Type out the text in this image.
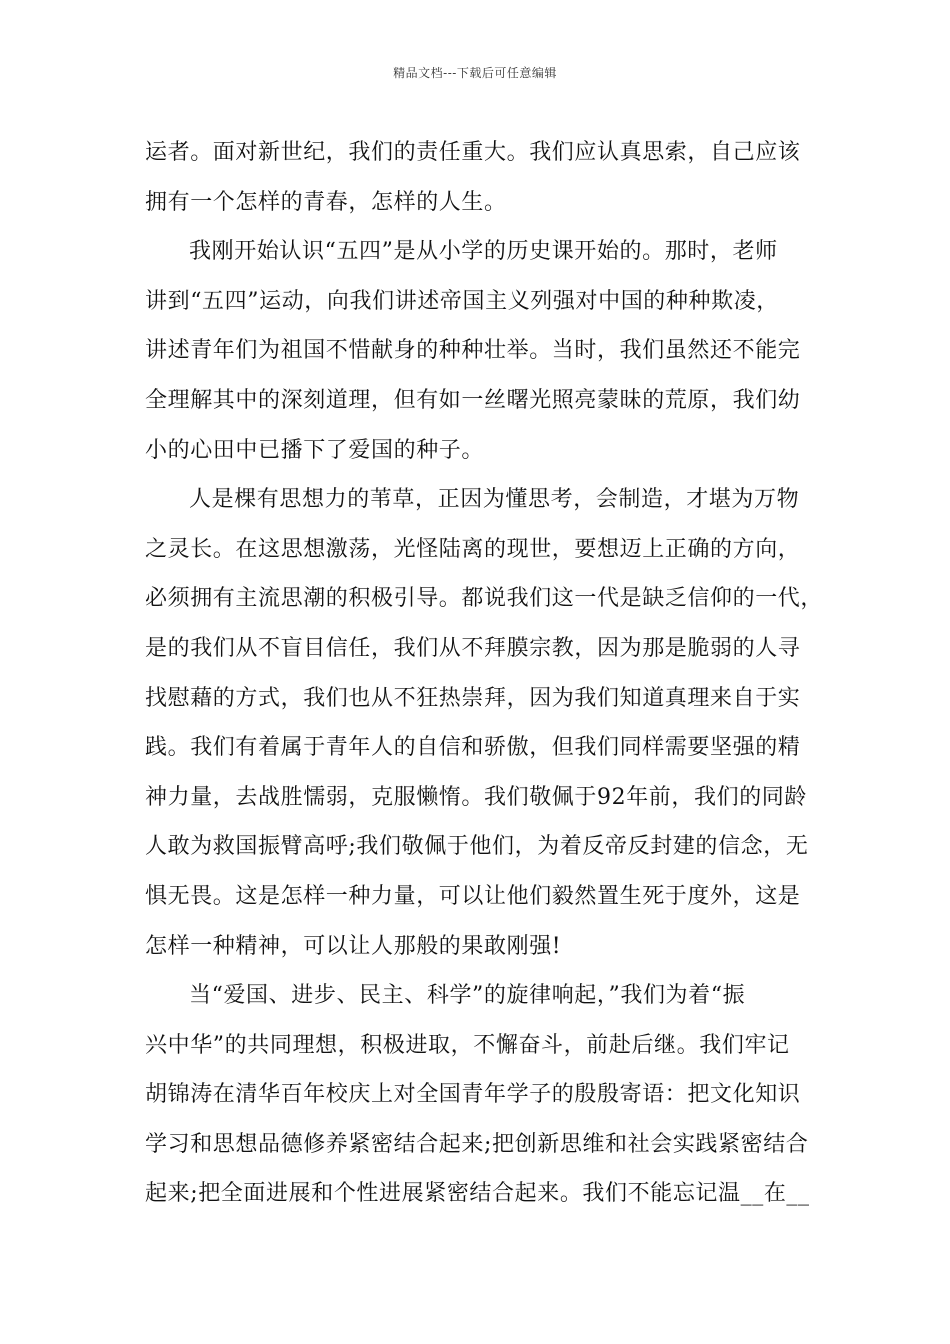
精品文档---下载后可任意编辑
运者。面对新世纪，我们的责任重大。我们应认真思索，自己应该
拥有一个怎样的青春，怎样的人生。
我刚开始认识“五四”是从小学的历史课开始的。那时，老师
讲到“五四”运动，向我们讲述帝国主义列强对中国的种种欺凌，
讲述青年们为祖国不惜献身的种种壮举。当时，我们虽然还不能完
全理解其中的深刻道理，但有如一丝曙光照亮蒙昧的荒原，我们幼
小的心田中已播下了爱国的种子。
人是棵有思想力的苇草，正因为懂思考，会制造，才堪为万物
之灵长。在这思想激荡，光怪陆离的现世，要想迈上正确的方向，
必须拥有主流思潮的积极引导。都说我们这一代是缺乏信仰的一代，
是的我们从不盲目信任，我们从不拜膜宗教，因为那是脆弱的人寻
找慰藉的方式，我们也从不狂热崇拜，因为我们知道真理来自于实
践。我们有着属于青年人的自信和骄傲，但我们同样需要坚强的精
神力量，去战胜懦弱，克服懒惰。我们敬佩于92年前，我们的同龄
人敢为救国振臂高呼;我们敬佩于他们，为着反帝反封建的信念，无
惧无畏。这是怎样一种力量，可以让他们毅然置生死于度外，这是
怎样一种精神，可以让人那般的果敢刚强!
当“爱国、进步、民主、科学”的旋律响起，”我们为着“振
兴中华”的共同理想，积极进取，不懈奋斗，前赴后继。我们牢记
胡锦涛在清华百年校庆上对全国青年学子的殷殷寄语：把文化知识
学习和思想品德修养紧密结合起来;把创新思维和社会实践紧密结合
起来;把全面进展和个性进展紧密结合起来。我们不能忘记温__在__
